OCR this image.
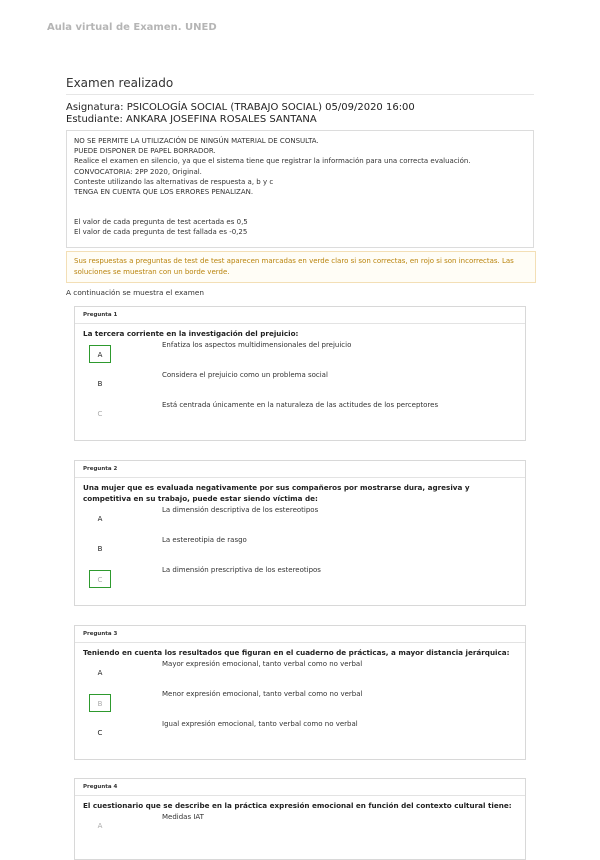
Aula virtual de Examen. UNED
Examen realizado
Asignatura: PSICOLOGÍA SOCIAL (TRABAJO SOCIAL) 05/09/2020 16:00
Estudiante: ANKARA JOSEFINA ROSALES SANTANA
NO SE PERMITE LA UTILIZACIÓN DE NINGÚN MATERIAL DE CONSULTA.
PUEDE DISPONER DE PAPEL BORRADOR.
Realice el examen en silencio, ya que el sistema tiene que registrar la información para una correcta evaluación.
CONVOCATORIA: 2PP 2020, Original.
Conteste utilizando las alternativas de respuesta a, b y c
TENGA EN CUENTA QUE LOS ERRORES PENALIZAN.
El valor de cada pregunta de test acertada es 0,5
El valor de cada pregunta de test fallada es -0,25
Sus respuestas a preguntas de test de test aparecen marcadas en verde claro si son correctas, en rojo si son incorrectas. Las soluciones se muestran con un borde verde.
A continuación se muestra el examen
Pregunta 1
La tercera corriente en la investigación del prejuicio:
A
Enfatiza los aspectos multidimensionales del prejuicio
B
Considera el prejuicio como un problema social
C
Está centrada únicamente en la naturaleza de las actitudes de los perceptores
Pregunta 2
Una mujer que es evaluada negativamente por sus compañeros por mostrarse dura, agresiva y competitiva en su trabajo, puede estar siendo víctima de:
A
La dimensión descriptiva de los estereotipos
B
La estereotipia de rasgo
C
La dimensión prescriptiva de los estereotipos
Pregunta 3
Teniendo en cuenta los resultados que figuran en el cuaderno de prácticas, a mayor distancia jerárquica:
A
Mayor expresión emocional, tanto verbal como no verbal
B
Menor expresión emocional, tanto verbal como no verbal
C
Igual expresión emocional, tanto verbal como no verbal
Pregunta 4
El cuestionario que se describe en la práctica expresión emocional en función del contexto cultural tiene:
A
Medidas IAT
